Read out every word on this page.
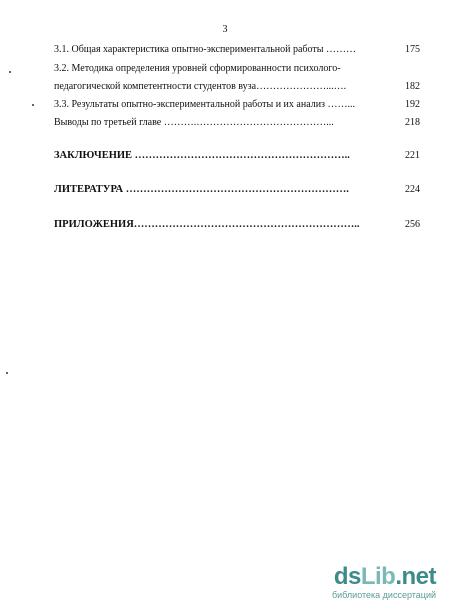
3
3.1. Общая характеристика опытно-экспериментальной работы ………	175
3.2. Методика определения уровней сформированности психолого-
педагогической компетентности студентов вуза…………………...….	182
3.3. Результаты опытно-экспериментальной работы и их анализ ……...	192
Выводы по третьей главе ……….…………………………………...	218
ЗАКЛЮЧЕНИЕ ……………………………………………………..	221
ЛИТЕРАТУРА ……………………………………………………….	224
ПРИЛОЖЕНИЯ………………………………………………………..	256
dsLib.net
библиотека диссертаций
